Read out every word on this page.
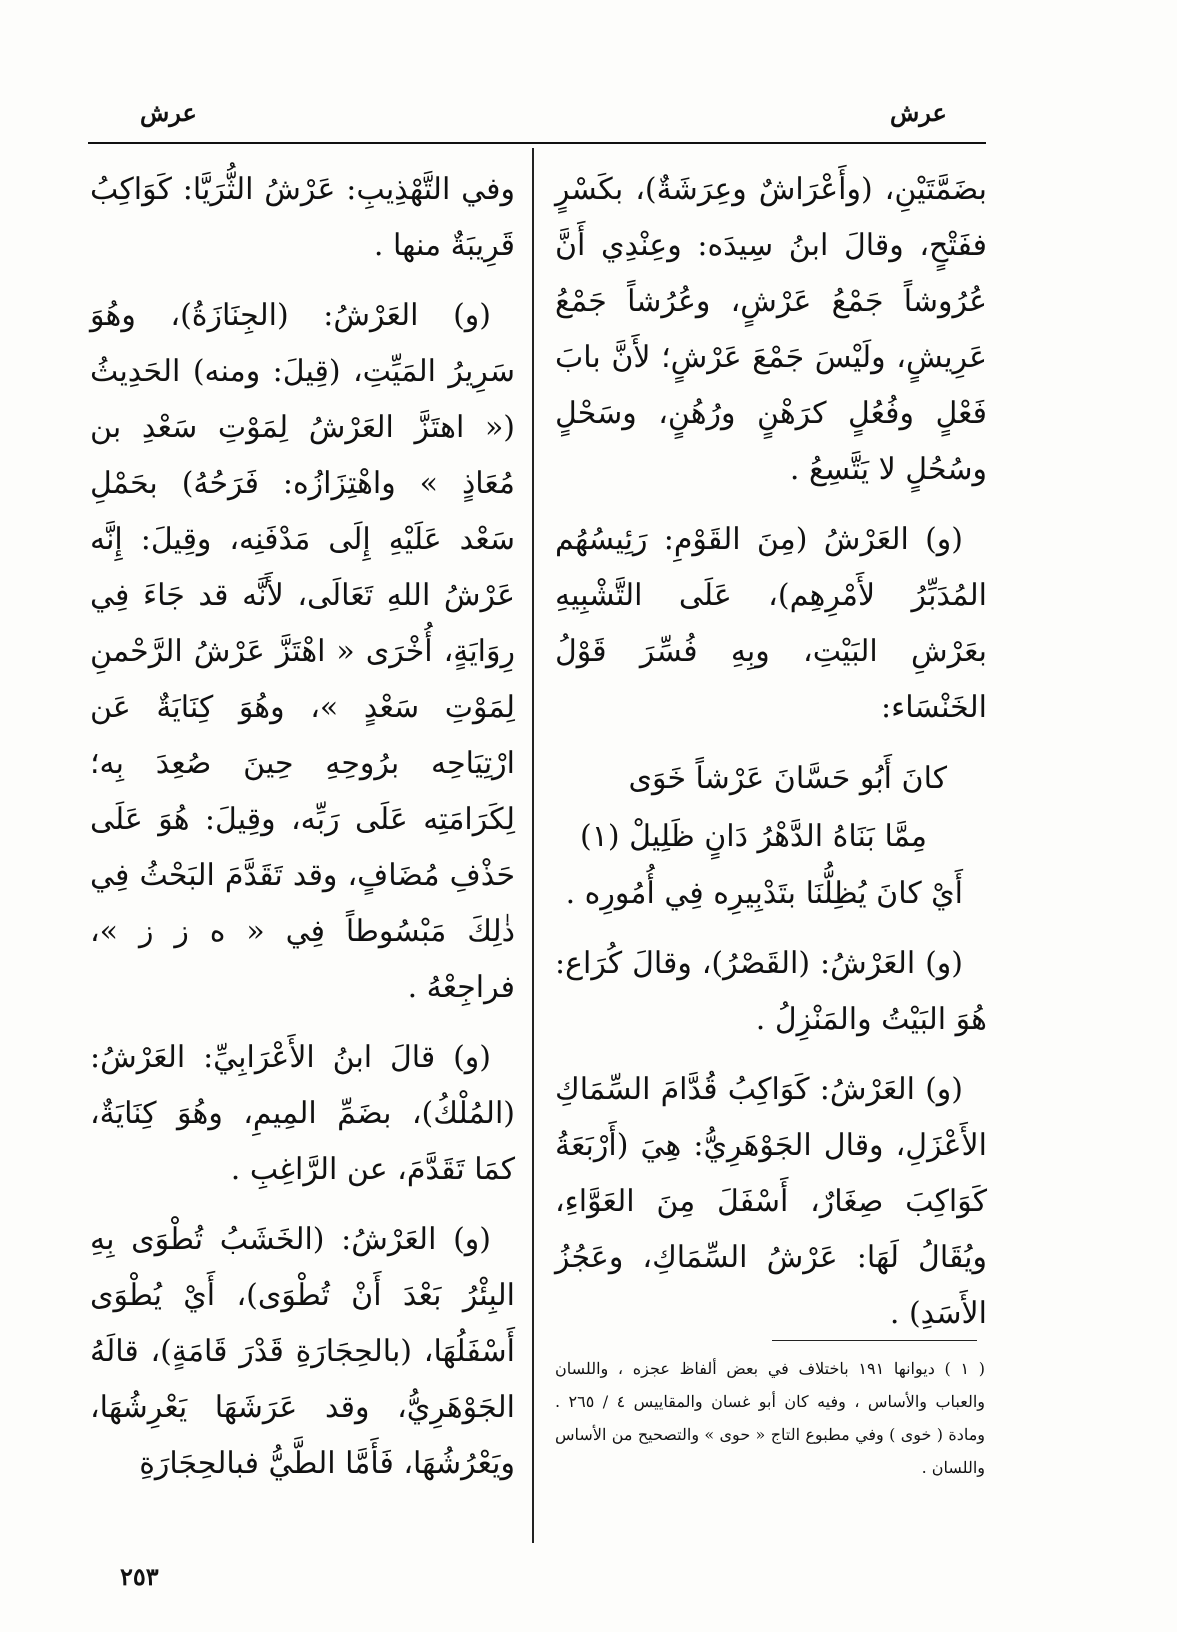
عرش	عرش

بضَمَّتَيْنِ، (وأَعْرَاشٌ وعِرَشَةٌ)، بكَسْرٍ ففَتْحٍ، وقالَ ابنُ سِيدَه: وعِنْدِي أَنَّ عُرُوشاً جَمْعُ عَرْشٍ، وعُرُشاً جَمْعُ عَرِيشٍ، ولَيْسَ جَمْعَ عَرْشٍ؛ لأَنَّ بابَ فَعْلٍ وفُعُلٍ كرَهْنٍ ورُهُنٍ، وسَحْلٍ وسُحُلٍ لا يَتَّسِعُ .

(و) العَرْشُ (مِنَ القَوْمِ: رَئِيسُهُم المُدَبِّرُ لأَمْرِهِم)، عَلَى التَّشْبِيهِ بعَرْشِ البَيْتِ، وبِهِ فُسِّرَ قَوْلُ الخَنْسَاء:

كانَ أَبُو حَسَّانَ عَرْشاً خَوَى

مِمَّا بَنَاهُ الدَّهْرُ دَانٍ ظَلِيلْ (١)

أَيْ كانَ يُظِلُّنَا بتَدْبِيرِه فِي أُمُورِه .

(و) العَرْشُ: (القَصْرُ)، وقالَ كُرَاع: هُوَ البَيْتُ والمَنْزِلُ .

(و) العَرْشُ: كَوَاكِبُ قُدَّامَ السِّمَاكِ الأَعْزَلِ، وقال الجَوْهَرِيُّ: هِيَ (أَرْبَعَةُ كَوَاكِبَ صِغَارٌ، أَسْفَلَ مِنَ العَوَّاءِ، ويُقَالُ لَهَا: عَرْشُ السِّمَاكِ، وعَجُزُ الأَسَدِ) .

( ١ ) ديوانها ١٩١ باختلاف في بعض ألفاظ عجزه ، واللسان والعباب والأساس ، وفيه كان أبو غسان والمقاييس ٤ / ٢٦٥ . ومادة ( خوى ) وفي مطبوع التاج « حوى » والتصحيح من الأساس واللسان .

وفي التَّهْذِيبِ: عَرْشُ الثُّرَيَّا: كَوَاكِبُ قَرِيبَةٌ منها .

(و) العَرْشُ: (الجِنَازَةُ)، وهُوَ سَرِيرُ المَيِّتِ، (قِيلَ: ومنه) الحَدِيثُ (« اهتَزَّ العَرْشُ لِمَوْتِ سَعْدِ بن مُعَاذٍ » واهْتِزَازُه: فَرَحُهُ) بحَمْلِ سَعْد عَلَيْهِ إِلَى مَدْفَنِه، وقِيلَ: إِنَّه عَرْشُ اللهِ تَعَالَى، لأَنَّه قد جَاءَ فِي رِوَايَةٍ، أُخْرَى « اهْتَزَّ عَرْشُ الرَّحْمنِ لِمَوْتِ سَعْدٍ »، وهُوَ كِنَايَةٌ عَن ارْتِيَاحِه برُوحِهِ حِينَ صُعِدَ بِه؛ لِكَرَامَتِه عَلَى رَبِّه، وقِيلَ: هُوَ عَلَى حَذْفِ مُضَافٍ، وقد تَقَدَّمَ البَحْثُ فِي ذٰلِكَ مَبْسُوطاً فِي « ه ز ز »، فراجِعْهُ .

(و) قالَ ابنُ الأَعْرَابِيِّ: العَرْشُ: (المُلْكُ)، بضَمِّ المِيمِ، وهُوَ كِنَايَةٌ، كمَا تَقَدَّمَ، عن الرَّاغِبِ .

(و) العَرْشُ: (الخَشَبُ تُطْوَى بِهِ البِئْرُ بَعْدَ أَنْ تُطْوَى)، أَيْ يُطْوَى أَسْفَلُهَا، (بالحِجَارَةِ قَدْرَ قَامَةٍ)، قالَهُ الجَوْهَرِيُّ، وقد عَرَشَهَا يَعْرِشُهَا، ويَعْرُشُهَا، فَأَمَّا الطَّيُّ فبالحِجَارَةِ

٢٥٣
